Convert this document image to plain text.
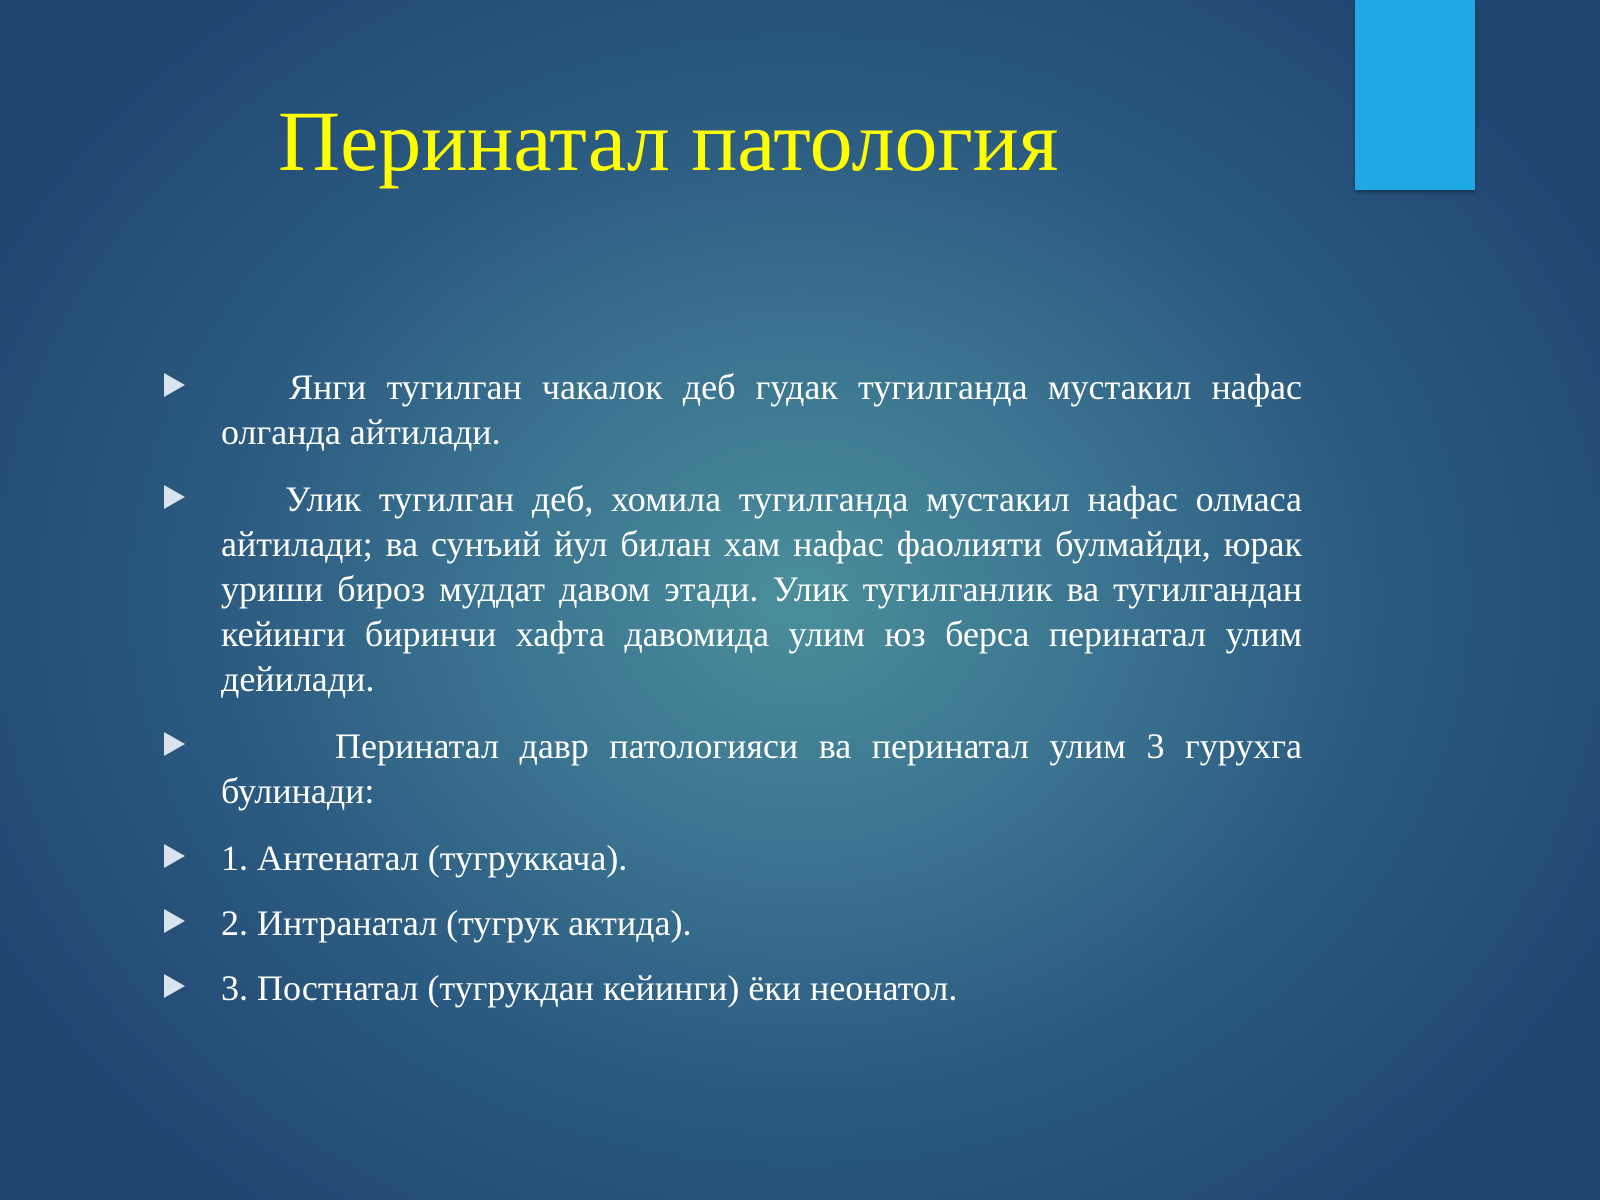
Перинатал патология
Янги тугилган чакалок деб гудак тугилганда мустакил нафас олганда айтилади.
Улик тугилган деб, хомила тугилганда мустакил нафас олмаса айтилади; ва сунъий йул билан хам нафас фаолияти булмайди, юрак уриши бироз муддат давом этади. Улик тугилганлик ва тугилгандан кейинги биринчи хафта давомида улим юз берса перинатал улим дейилади.
Перинатал давр патологияси ва перинатал улим 3 гурухга булинади:
1. Антенатал (тугруккача).
2. Интранатал (тугрук актида).
3. Постнатал (тугрукдан кейинги) ёки неонатол.
